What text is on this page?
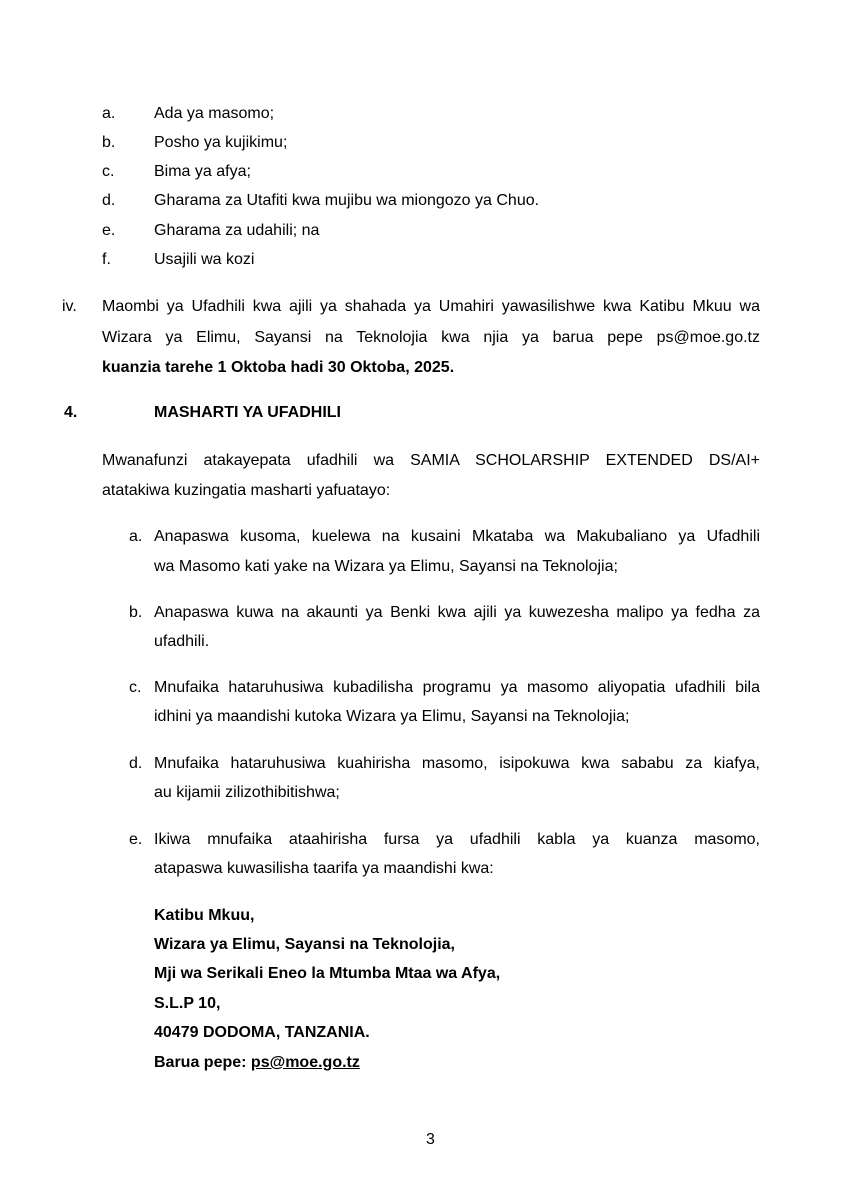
a. Ada ya masomo;
b. Posho ya kujikimu;
c. Bima ya afya;
d. Gharama za Utafiti kwa mujibu wa miongozo ya Chuo.
e. Gharama za udahili; na
f.	Usajili wa kozi
iv. Maombi ya Ufadhili kwa ajili ya shahada ya Umahiri yawasilishwe kwa Katibu Mkuu wa
Wizara ya Elimu, Sayansi na Teknolojia kwa njia ya barua pepe ps@moe.go.tz
kuanzia tarehe 1 Oktoba hadi 30 Oktoba, 2025.
4.	MASHARTI YA UFADHILI
Mwanafunzi atakayepata ufadhili wa SAMIA SCHOLARSHIP EXTENDED DS/AI+
atatakiwa kuzingatia masharti yafuatayo:
a. Anapaswa kusoma, kuelewa na kusaini Mkataba wa Makubaliano ya Ufadhili
wa Masomo kati yake na Wizara ya Elimu, Sayansi na Teknolojia;
b. Anapaswa kuwa na akaunti ya Benki kwa ajili ya kuwezesha malipo ya fedha za
ufadhili.
c. Mnufaika hataruhusiwa kubadilisha programu ya masomo aliyopatia ufadhili bila
idhini ya maandishi kutoka Wizara ya Elimu, Sayansi na Teknolojia;
d. Mnufaika hataruhusiwa kuahirisha masomo, isipokuwa kwa sababu za kiafya,
au kijamii zilizothibitishwa;
e. Ikiwa mnufaika ataahirisha fursa ya ufadhili kabla ya kuanza masomo,
atapaswa kuwasilisha taarifa ya maandishi kwa:
Katibu Mkuu,
Wizara ya Elimu, Sayansi na Teknolojia,
Mji wa Serikali Eneo la Mtumba Mtaa wa Afya,
S.L.P 10,
40479 DODOMA, TANZANIA.
Barua pepe: ps@moe.go.tz
3
